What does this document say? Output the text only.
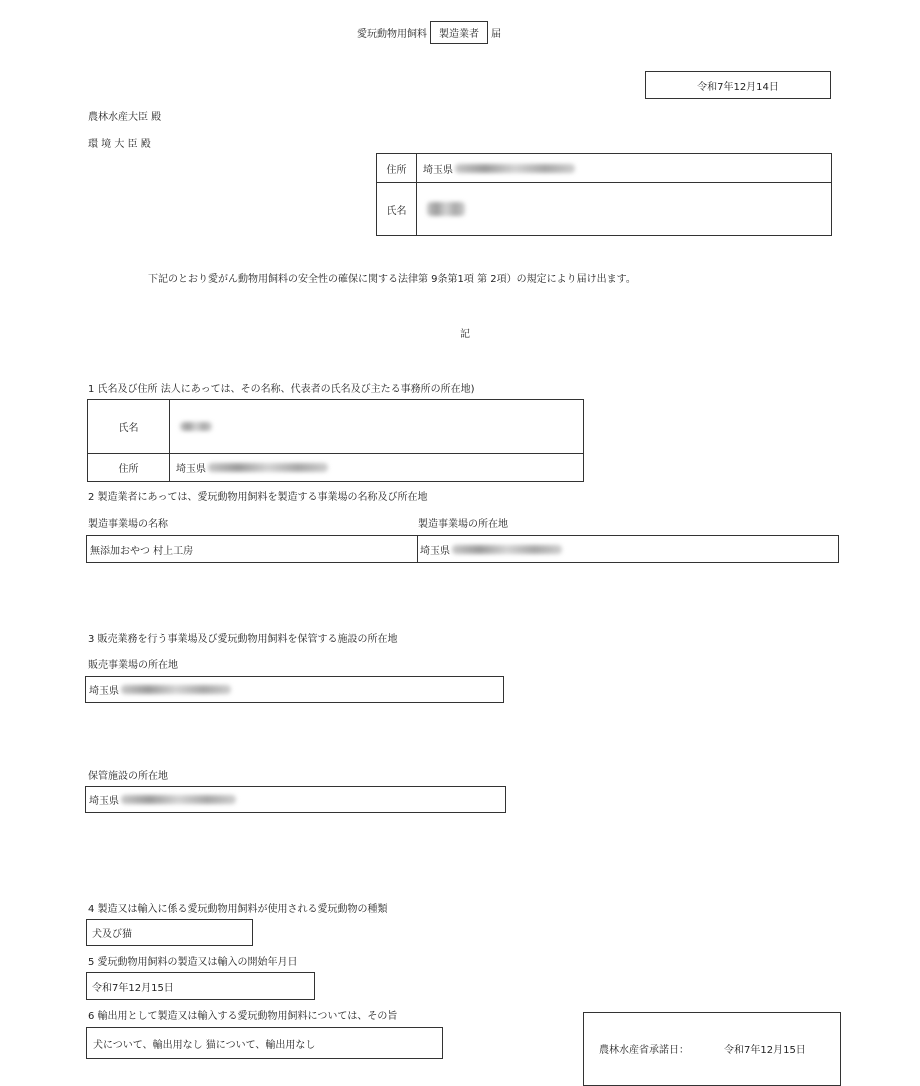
愛玩動物用飼料	製造業者	届
令和7年12月14日
農林水産大臣 殿
環 境 大 臣 殿
住所 埼玉県
氏名
下記のとおり愛がん動物用飼料の安全性の確保に関する法律第 9条第1項 第 2項）の規定により届け出ます。
記
1 氏名及び住所 法人にあっては、その名称、代表者の氏名及び主たる事務所の所在地)
氏名
住所	埼玉県
2 製造業者にあっては、愛玩動物用飼料を製造する事業場の名称及び所在地
製造事業場の名称	製造事業場の所在地
無添加おやつ 村上工房	埼玉県
3 販売業務を行う事業場及び愛玩動物用飼料を保管する施設の所在地
販売事業場の所在地
埼玉県
保管施設の所在地
埼玉県
4 製造又は輸入に係る愛玩動物用飼料が使用される愛玩動物の種類
犬及び猫
5 愛玩動物用飼料の製造又は輸入の開始年月日
令和7年12月15日
6 輸出用として製造又は輸入する愛玩動物用飼料については、その旨
犬について、輸出用なし 猫について、輸出用なし	農林水産省承諾日：	令和7年12月15日
